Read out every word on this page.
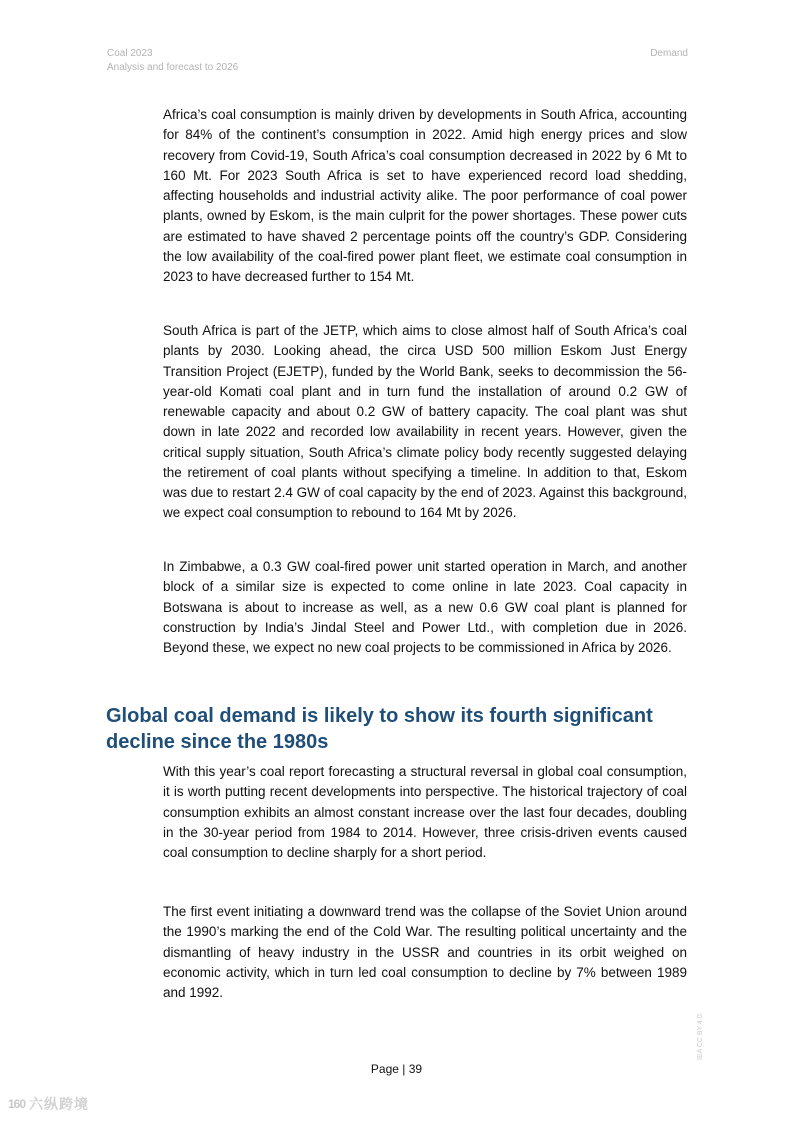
Coal 2023
Analysis and forecast to 2026
Demand

Africa’s coal consumption is mainly driven by developments in South Africa, accounting for 84% of the continent’s consumption in 2022. Amid high energy prices and slow recovery from Covid-19, South Africa’s coal consumption decreased in 2022 by 6 Mt to 160 Mt. For 2023 South Africa is set to have experienced record load shedding, affecting households and industrial activity alike. The poor performance of coal power plants, owned by Eskom, is the main culprit for the power shortages. These power cuts are estimated to have shaved 2 percentage points off the country’s GDP. Considering the low availability of the coal-fired power plant fleet, we estimate coal consumption in 2023 to have decreased further to 154 Mt.

South Africa is part of the JETP, which aims to close almost half of South Africa’s coal plants by 2030. Looking ahead, the circa USD 500 million Eskom Just Energy Transition Project (EJETP), funded by the World Bank, seeks to decommission the 56-year-old Komati coal plant and in turn fund the installation of around 0.2 GW of renewable capacity and about 0.2 GW of battery capacity. The coal plant was shut down in late 2022 and recorded low availability in recent years. However, given the critical supply situation, South Africa’s climate policy body recently suggested delaying the retirement of coal plants without specifying a timeline. In addition to that, Eskom was due to restart 2.4 GW of coal capacity by the end of 2023. Against this background, we expect coal consumption to rebound to 164 Mt by 2026.

In Zimbabwe, a 0.3 GW coal-fired power unit started operation in March, and another block of a similar size is expected to come online in late 2023. Coal capacity in Botswana is about to increase as well, as a new 0.6 GW coal plant is planned for construction by India’s Jindal Steel and Power Ltd., with completion due in 2026. Beyond these, we expect no new coal projects to be commissioned in Africa by 2026.

Global coal demand is likely to show its fourth significant decline since the 1980s

With this year’s coal report forecasting a structural reversal in global coal consumption, it is worth putting recent developments into perspective. The historical trajectory of coal consumption exhibits an almost constant increase over the last four decades, doubling in the 30-year period from 1984 to 2014. However, three crisis-driven events caused coal consumption to decline sharply for a short period.

The first event initiating a downward trend was the collapse of the Soviet Union around the 1990’s marking the end of the Cold War. The resulting political uncertainty and the dismantling of heavy industry in the USSR and countries in its orbit weighed on economic activity, which in turn led coal consumption to decline by 7% between 1989 and 1992.

Page | 39
IEA CC BY 4.0.
160 六纵跨境
